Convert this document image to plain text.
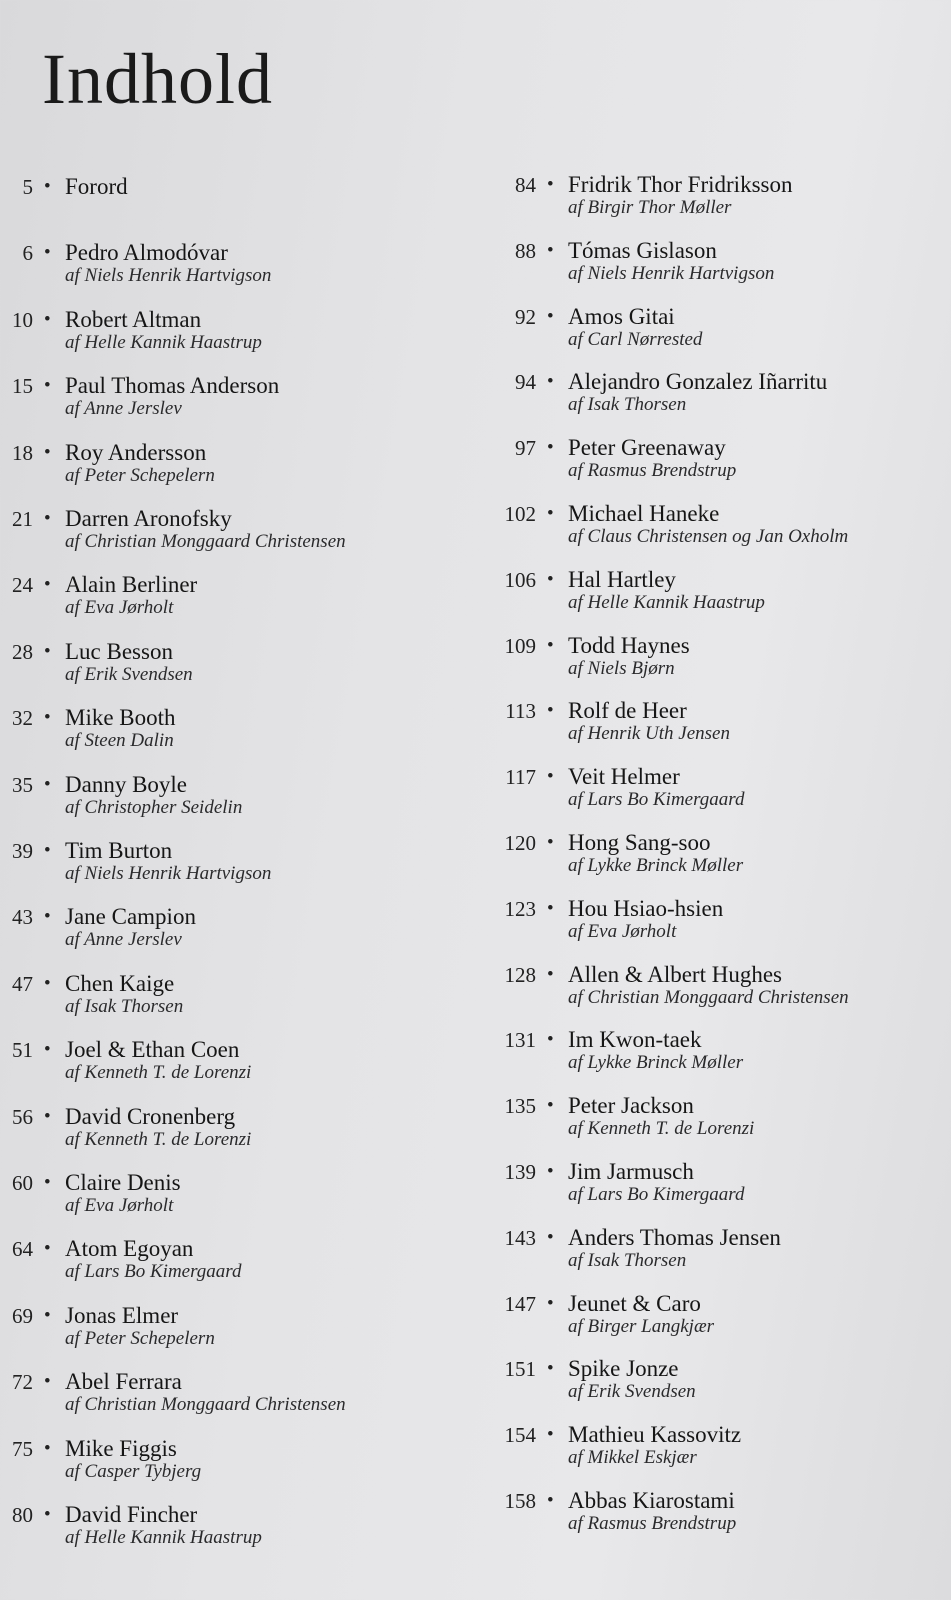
Indhold
5 • Forord
6 • Pedro Almodóvar
af Niels Henrik Hartvigson
10 • Robert Altman
af Helle Kannik Haastrup
15 • Paul Thomas Anderson
af Anne Jerslev
18 • Roy Andersson
af Peter Schepelern
21 • Darren Aronofsky
af Christian Monggaard Christensen
24 • Alain Berliner
af Eva Jørholt
28 • Luc Besson
af Erik Svendsen
32 • Mike Booth
af Steen Dalin
35 • Danny Boyle
af Christopher Seidelin
39 • Tim Burton
af Niels Henrik Hartvigson
43 • Jane Campion
af Anne Jerslev
47 • Chen Kaige
af Isak Thorsen
51 • Joel & Ethan Coen
af Kenneth T. de Lorenzi
56 • David Cronenberg
af Kenneth T. de Lorenzi
60 • Claire Denis
af Eva Jørholt
64 • Atom Egoyan
af Lars Bo Kimergaard
69 • Jonas Elmer
af Peter Schepelern
72 • Abel Ferrara
af Christian Monggaard Christensen
75 • Mike Figgis
af Casper Tybjerg
80 • David Fincher
af Helle Kannik Haastrup
84 • Fridrik Thor Fridriksson
af Birgir Thor Møller
88 • Tómas Gislason
af Niels Henrik Hartvigson
92 • Amos Gitai
af Carl Nørrested
94 • Alejandro Gonzalez Iñarritu
af Isak Thorsen
97 • Peter Greenaway
af Rasmus Brendstrup
102 • Michael Haneke
af Claus Christensen og Jan Oxholm
106 • Hal Hartley
af Helle Kannik Haastrup
109 • Todd Haynes
af Niels Bjørn
113 • Rolf de Heer
af Henrik Uth Jensen
117 • Veit Helmer
af Lars Bo Kimergaard
120 • Hong Sang-soo
af Lykke Brinck Møller
123 • Hou Hsiao-hsien
af Eva Jørholt
128 • Allen & Albert Hughes
af Christian Monggaard Christensen
131 • Im Kwon-taek
af Lykke Brinck Møller
135 • Peter Jackson
af Kenneth T. de Lorenzi
139 • Jim Jarmusch
af Lars Bo Kimergaard
143 • Anders Thomas Jensen
af Isak Thorsen
147 • Jeunet & Caro
af Birger Langkjær
151 • Spike Jonze
af Erik Svendsen
154 • Mathieu Kassovitz
af Mikkel Eskjær
158 • Abbas Kiarostami
af Rasmus Brendstrup
